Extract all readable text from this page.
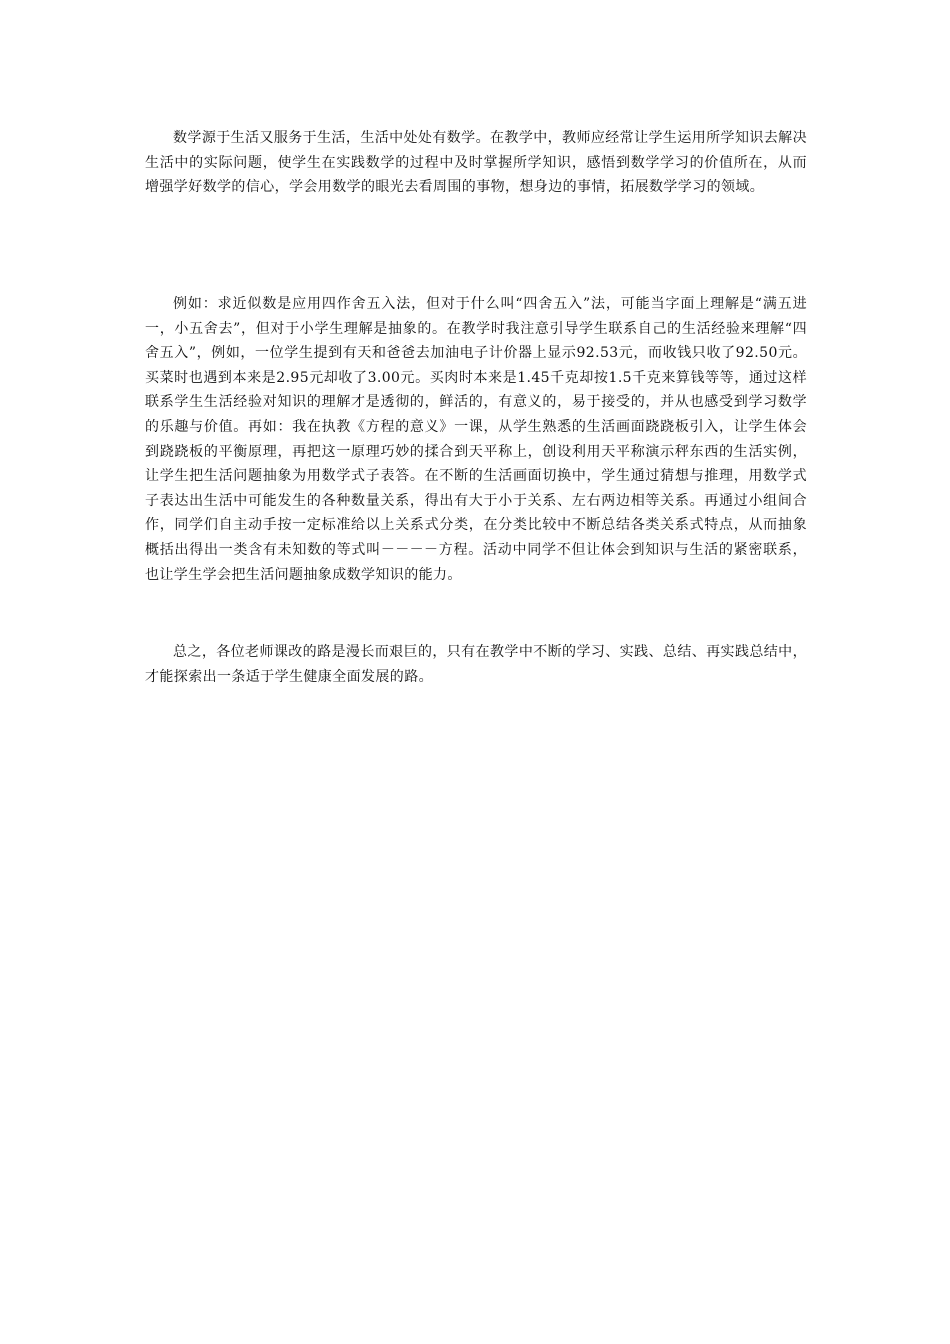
数学源于生活又服务于生活，生活中处处有数学。在教学中，教师应经常让学生运用所学知识去解决生活中的实际问题，使学生在实践数学的过程中及时掌握所学知识，感悟到数学学习的价值所在，从而增强学好数学的信心，学会用数学的眼光去看周围的事物，想身边的事情，拓展数学学习的领域。

例如：求近似数是应用四作舍五入法，但对于什么叫“四舍五入”法，可能当字面上理解是“满五进一，小五舍去”，但对于小学生理解是抽象的。在教学时我注意引导学生联系自己的生活经验来理解“四舍五入”，例如，一位学生提到有天和爸爸去加油电子计价器上显示92.53元，而收钱只收了92.50元。买菜时也遇到本来是2.95元却收了3.00元。买肉时本来是1.45千克却按1.5千克来算钱等等，通过这样联系学生生活经验对知识的理解才是透彻的，鲜活的，有意义的，易于接受的，并从也感受到学习数学的乐趣与价值。再如：我在执教《方程的意义》一课，从学生熟悉的生活画面跷跷板引入，让学生体会到跷跷板的平衡原理，再把这一原理巧妙的揉合到天平称上，创设利用天平称演示秤东西的生活实例，让学生把生活问题抽象为用数学式子表答。在不断的生活画面切换中，学生通过猜想与推理，用数学式子表达出生活中可能发生的各种数量关系，得出有大于小于关系、左右两边相等关系。再通过小组间合作，同学们自主动手按一定标准给以上关系式分类，在分类比较中不断总结各类关系式特点，从而抽象概括出得出一类含有未知数的等式叫－－－－方程。活动中同学不但让体会到知识与生活的紧密联系，也让学生学会把生活问题抽象成数学知识的能力。

总之，各位老师课改的路是漫长而艰巨的，只有在教学中不断的学习、实践、总结、再实践总结中，才能探索出一条适于学生健康全面发展的路。
